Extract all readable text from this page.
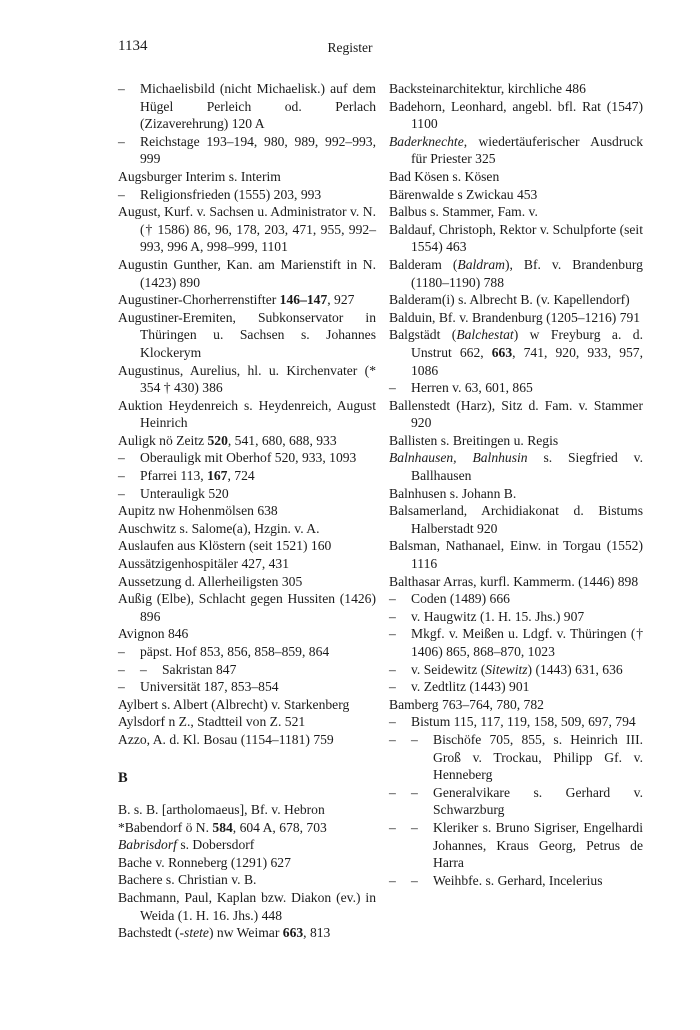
1134	Register

– Michaelisbild (nicht Michaelisk.) auf dem Hügel Perleich od. Perlach (Zizaverehrung) 120 A

– Reichstage 193–194, 980, 989, 992–993, 999

Augsburger Interim s. Interim

– Religionsfrieden (1555) 203, 993

August, Kurf. v. Sachsen u. Administrator v. N. († 1586) 86, 96, 178, 203, 471, 955, 992–993, 996 A, 998–999, 1101

Augustin Gunther, Kan. am Marienstift in N. (1423) 890

Augustiner-Chorherrenstifter 146–147, 927

Augustiner-Eremiten, Subkonservator in Thüringen u. Sachsen s. Johannes Klockerym

Augustinus, Aurelius, hl. u. Kirchenvater (* 354 † 430) 386

Auktion Heydenreich s. Heydenreich, August Heinrich

Auligk nö Zeitz 520, 541, 680, 688, 933

– Oberauligk mit Oberhof 520, 933, 1093

– Pfarrei 113, 167, 724

– Unterauligk 520

Aupitz nw Hohenmölsen 638

Auschwitz s. Salome(a), Hzgin. v. A.

Auslaufen aus Klöstern (seit 1521) 160

Aussätzigenhospitäler 427, 431

Aussetzung d. Allerheiligsten 305

Außig (Elbe), Schlacht gegen Hussiten (1426) 896

Avignon 846

– päpst. Hof 853, 856, 858–859, 864

– – Sakristan 847

– Universität 187, 853–854

Aylbert s. Albert (Albrecht) v. Starkenberg

Aylsdorf n Z., Stadtteil von Z. 521

Azzo, A. d. Kl. Bosau (1154–1181) 759

B

B. s. B. [artholomaeus], Bf. v. Hebron

*Babendorf ö N. 584, 604 A, 678, 703

Babrisdorf s. Dobersdorf

Bache v. Ronneberg (1291) 627

Bachere s. Christian v. B.

Bachmann, Paul, Kaplan bzw. Diakon (ev.) in Weida (1. H. 16. Jhs.) 448

Bachstedt (-stete) nw Weimar 663, 813

Backsteinarchitektur, kirchliche 486

Badehorn, Leonhard, angebl. bfl. Rat (1547) 1100

Baderknechte, wiedertäuferischer Ausdruck für Priester 325

Bad Kösen s. Kösen

Bärenwalde s Zwickau 453

Balbus s. Stammer, Fam. v.

Baldauf, Christoph, Rektor v. Schulpforte (seit 1554) 463

Balderam (Baldram), Bf. v. Brandenburg (1180–1190) 788

Balderam(i) s. Albrecht B. (v. Kapellendorf)

Balduin, Bf. v. Brandenburg (1205–1216) 791

Balgstädt (Balchestat) w Freyburg a. d. Unstrut 662, 663, 741, 920, 933, 957, 1086

– Herren v. 63, 601, 865

Ballenstedt (Harz), Sitz d. Fam. v. Stammer 920

Ballisten s. Breitingen u. Regis

Balnhausen, Balnhusin s. Siegfried v. Ballhausen

Balnhusen s. Johann B.

Balsamerland, Archidiakonat d. Bistums Halberstadt 920

Balsman, Nathanael, Einw. in Torgau (1552) 1116

Balthasar Arras, kurfl. Kammerm. (1446) 898

– Coden (1489) 666

– v. Haugwitz (1. H. 15. Jhs.) 907

– Mkgf. v. Meißen u. Ldgf. v. Thüringen († 1406) 865, 868–870, 1023

– v. Seidewitz (Sitewitz) (1443) 631, 636

– v. Zedtlitz (1443) 901

Bamberg 763–764, 780, 782

– Bistum 115, 117, 119, 158, 509, 697, 794

– – Bischöfe 705, 855, s. Heinrich III. Groß v. Trockau, Philipp Gf. v. Henneberg

– – Generalvikare s. Gerhard v. Schwarzburg

– – Kleriker s. Bruno Sigriser, Engelhardi Johannes, Kraus Georg, Petrus de Harra

– – Weihbfe. s. Gerhard, Incelerius
